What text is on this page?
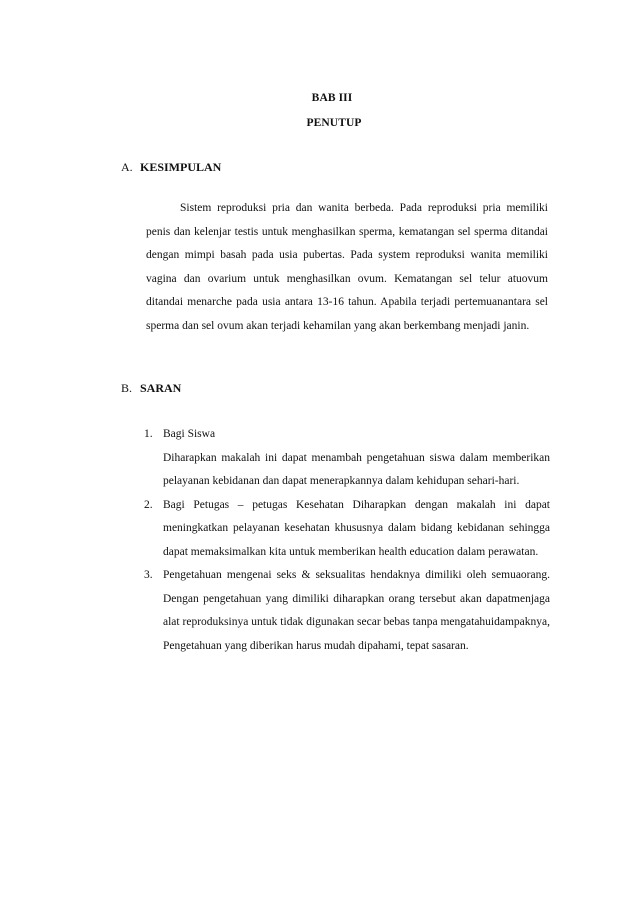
BAB III
PENUTUP
A. KESIMPULAN
Sistem reproduksi pria dan wanita berbeda. Pada reproduksi pria memiliki penis dan kelenjar testis untuk menghasilkan sperma, kematangan sel sperma ditandai dengan mimpi basah pada usia pubertas. Pada system reproduksi wanita memiliki vagina dan ovarium untuk menghasilkan ovum. Kematangan sel telur atuovum ditandai menarche pada usia antara 13-16 tahun. Apabila terjadi pertemuanantara sel sperma dan sel ovum akan terjadi kehamilan yang akan berkembang menjadi janin.
B. SARAN
1. Bagi Siswa
Diharapkan makalah ini dapat menambah pengetahuan siswa dalam memberikan pelayanan kebidanan dan dapat menerapkannya dalam kehidupan sehari-hari.
2. Bagi Petugas – petugas Kesehatan Diharapkan dengan makalah ini dapat meningkatkan pelayanan kesehatan khususnya dalam bidang kebidanan sehingga dapat memaksimalkan kita untuk memberikan health education dalam perawatan.
3. Pengetahuan mengenai seks & seksualitas hendaknya dimiliki oleh semuaorang. Dengan pengetahuan yang dimiliki diharapkan orang tersebut akan dapatmenjaga alat reproduksinya untuk tidak digunakan secar bebas tanpa mengatahuidampaknya, Pengetahuan yang diberikan harus mudah dipahami, tepat sasaran.
